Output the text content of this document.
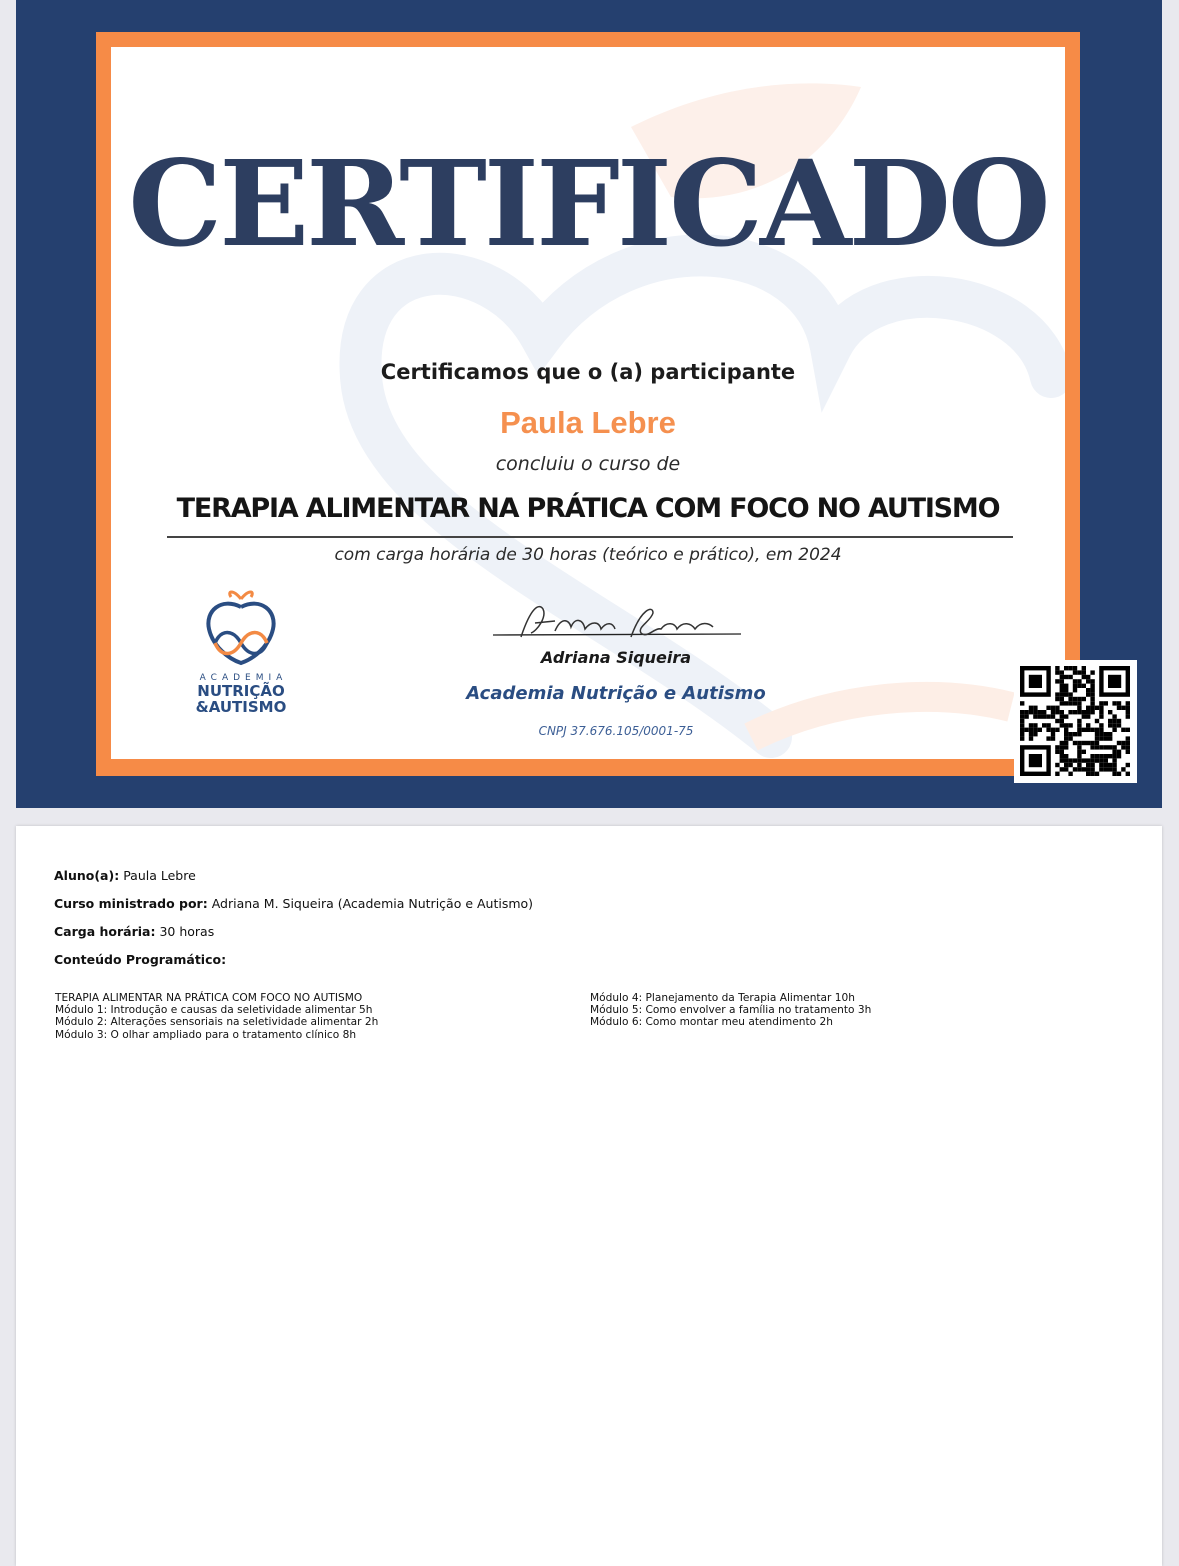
CERTIFICADO
Certificamos que o (a) participante
Paula Lebre
concluiu o curso de
TERAPIA ALIMENTAR NA PRÁTICA COM FOCO NO AUTISMO
com carga horária de 30 horas (teórico e prático), em 2024
ACADEMIA
NUTRIÇÃO
&AUTISMO
Adriana Siqueira
Academia Nutrição e Autismo
CNPJ 37.676.105/0001-75
Aluno(a): Paula Lebre
Curso ministrado por: Adriana M. Siqueira (Academia Nutrição e Autismo)
Carga horária: 30 horas
Conteúdo Programático:
TERAPIA ALIMENTAR NA PRÁTICA COM FOCO NO AUTISMO
Módulo 1: Introdução e causas da seletividade alimentar 5h
Módulo 2: Alterações sensoriais na seletividade alimentar 2h
Módulo 3: O olhar ampliado para o tratamento clínico 8h
Módulo 4: Planejamento da Terapia Alimentar 10h
Módulo 5: Como envolver a família no tratamento 3h
Módulo 6: Como montar meu atendimento 2h
